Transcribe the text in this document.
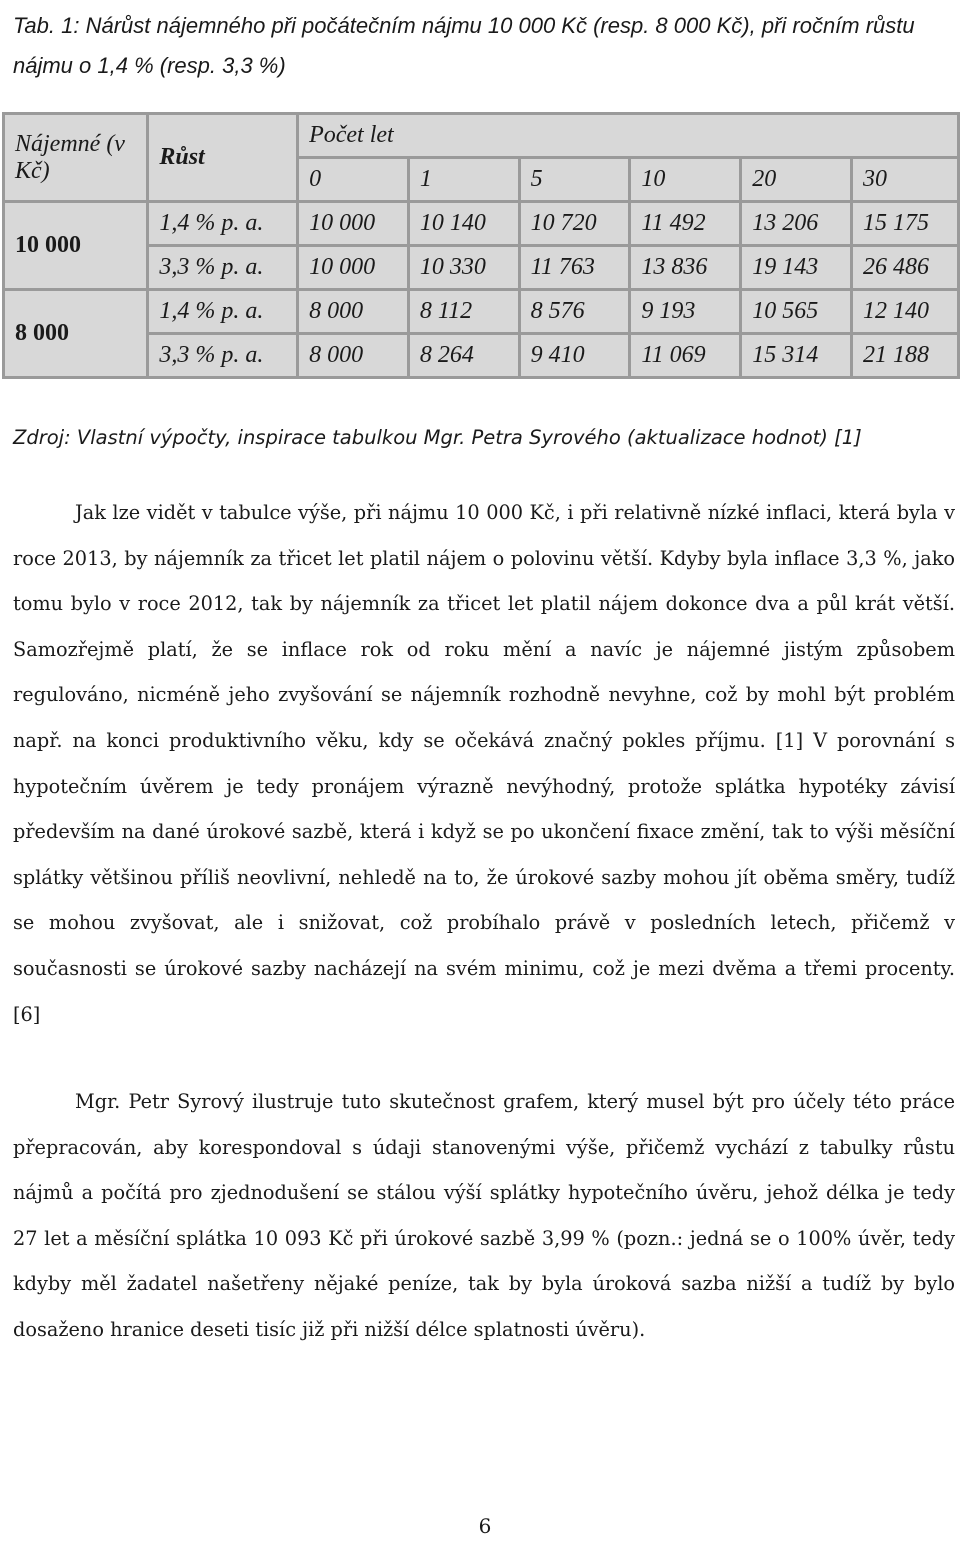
Tab. 1: Nárůst nájemného při počátečním nájmu 10 000 Kč (resp. 8 000 Kč), při ročním růstu nájmu o 1,4 % (resp. 3,3 %)
Nájemné (v Kč)	Růst	Počet let					
		0	1	5	10	20	30
10 000	1,4 % p. a.	10 000	10 140	10 720	11 492	13 206	15 175
	3,3 % p. a.	10 000	10 330	11 763	13 836	19 143	26 486
8 000	1,4 % p. a.	8 000	8 112	8 576	9 193	10 565	12 140
	3,3 % p. a.	8 000	8 264	9 410	11 069	15 314	21 188
Zdroj: Vlastní výpočty, inspirace tabulkou Mgr. Petra Syrového (aktualizace hodnot) [1]
Jak lze vidět v tabulce výše, při nájmu 10 000 Kč, i při relativně nízké inflaci, která byla v roce 2013, by nájemník za třicet let platil nájem o polovinu větší. Kdyby byla inflace 3,3 %, jako tomu bylo v roce 2012, tak by nájemník za třicet let platil nájem dokonce dva a půl krát větší. Samozřejmě platí, že se inflace rok od roku mění a navíc je nájemné jistým způsobem regulováno, nicméně jeho zvyšování se nájemník rozhodně nevyhne, což by mohl být problém např. na konci produktivního věku, kdy se očekává značný pokles příjmu. [1] V porovnání s hypotečním úvěrem je tedy pronájem výrazně nevýhodný, protože splátka hypotéky závisí především na dané úrokové sazbě, která i když se po ukončení fixace změní, tak to výši měsíční splátky většinou příliš neovlivní, nehledě na to, že úrokové sazby mohou jít oběma směry, tudíž se mohou zvyšovat, ale i snižovat, což probíhalo právě v posledních letech, přičemž v současnosti se úrokové sazby nacházejí na svém minimu, což je mezi dvěma a třemi procenty. [6]
Mgr. Petr Syrový ilustruje tuto skutečnost grafem, který musel být pro účely této práce přepracován, aby korespondoval s údaji stanovenými výše, přičemž vychází z tabulky růstu nájmů a počítá pro zjednodušení se stálou výší splátky hypotečního úvěru, jehož délka je tedy 27 let a měsíční splátka 10 093 Kč při úrokové sazbě 3,99 % (pozn.: jedná se o 100% úvěr, tedy kdyby měl žadatel našetřeny nějaké peníze, tak by byla úroková sazba nižší a tudíž by bylo dosaženo hranice deseti tisíc již při nižší délce splatnosti úvěru).
6
